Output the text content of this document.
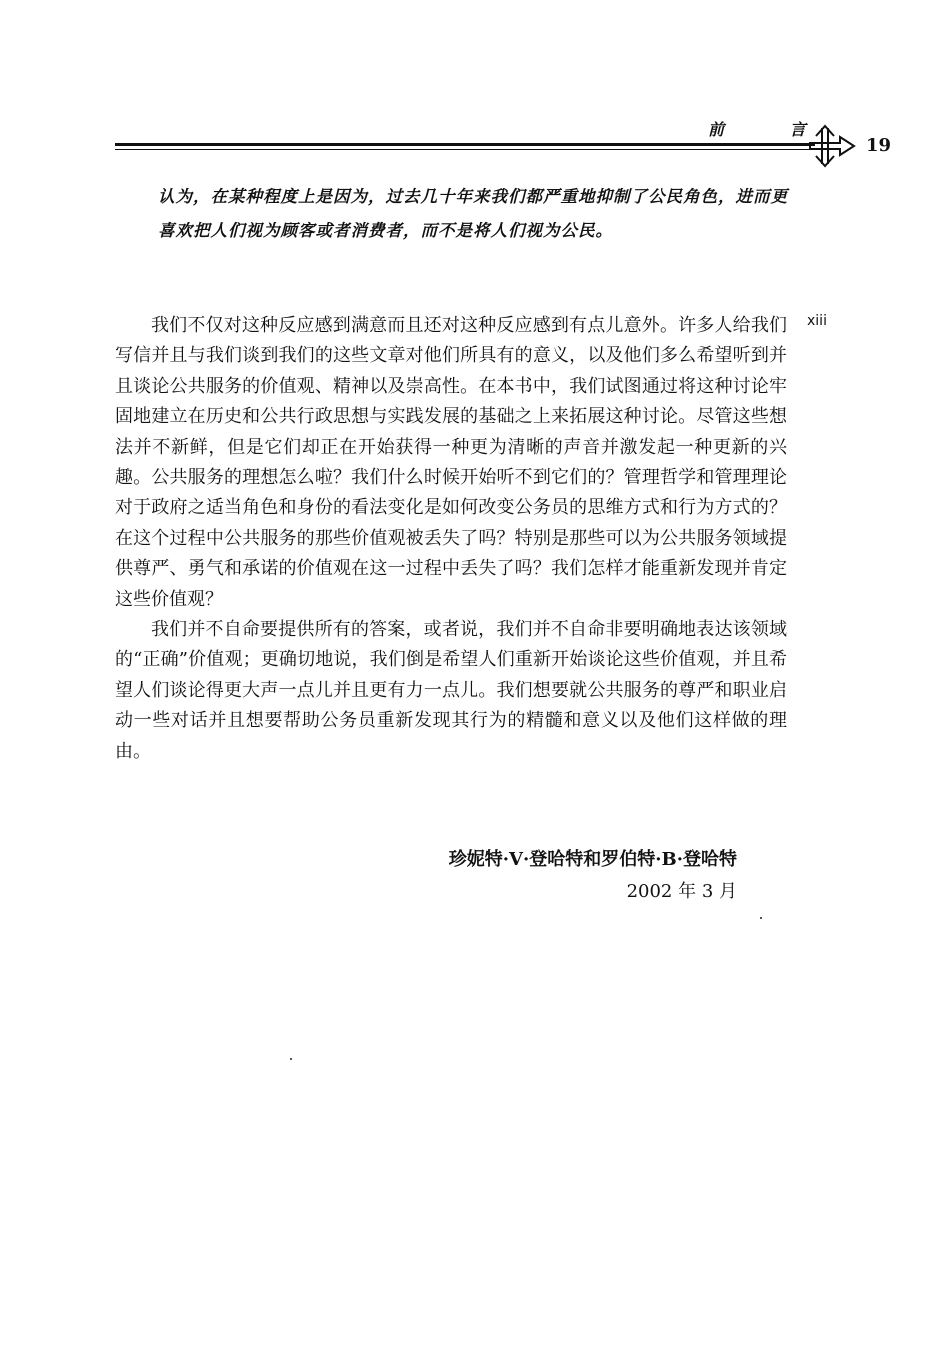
前 言
19
认为，在某种程度上是因为，过去几十年来我们都严重地抑制了公民角色，进而更喜欢把人们视为顾客或者消费者，而不是将人们视为公民。
xiii

我们不仅对这种反应感到满意而且还对这种反应感到有点儿意外。许多人给我们写信并且与我们谈到我们的这些文章对他们所具有的意义，以及他们多么希望听到并且谈论公共服务的价值观、精神以及崇高性。在本书中，我们试图通过将这种讨论牢固地建立在历史和公共行政思想与实践发展的基础之上来拓展这种讨论。尽管这些想法并不新鲜，但是它们却正在开始获得一种更为清晰的声音并激发起一种更新的兴趣。公共服务的理想怎么啦？我们什么时候开始听不到它们的？管理哲学和管理理论对于政府之适当角色和身份的看法变化是如何改变公务员的思维方式和行为方式的？在这个过程中公共服务的那些价值观被丢失了吗？特别是那些可以为公共服务领域提供尊严、勇气和承诺的价值观在这一过程中丢失了吗？我们怎样才能重新发现并肯定这些价值观？

我们并不自命要提供所有的答案，或者说，我们并不自命非要明确地表达该领域的“正确”价值观；更确切地说，我们倒是希望人们重新开始谈论这些价值观，并且希望人们谈论得更大声一点儿并且更有力一点儿。我们想要就公共服务的尊严和职业启动一些对话并且想要帮助公务员重新发现其行为的精髓和意义以及他们这样做的理由。

珍妮特·V·登哈特和罗伯特·B·登哈特
2002 年 3 月
